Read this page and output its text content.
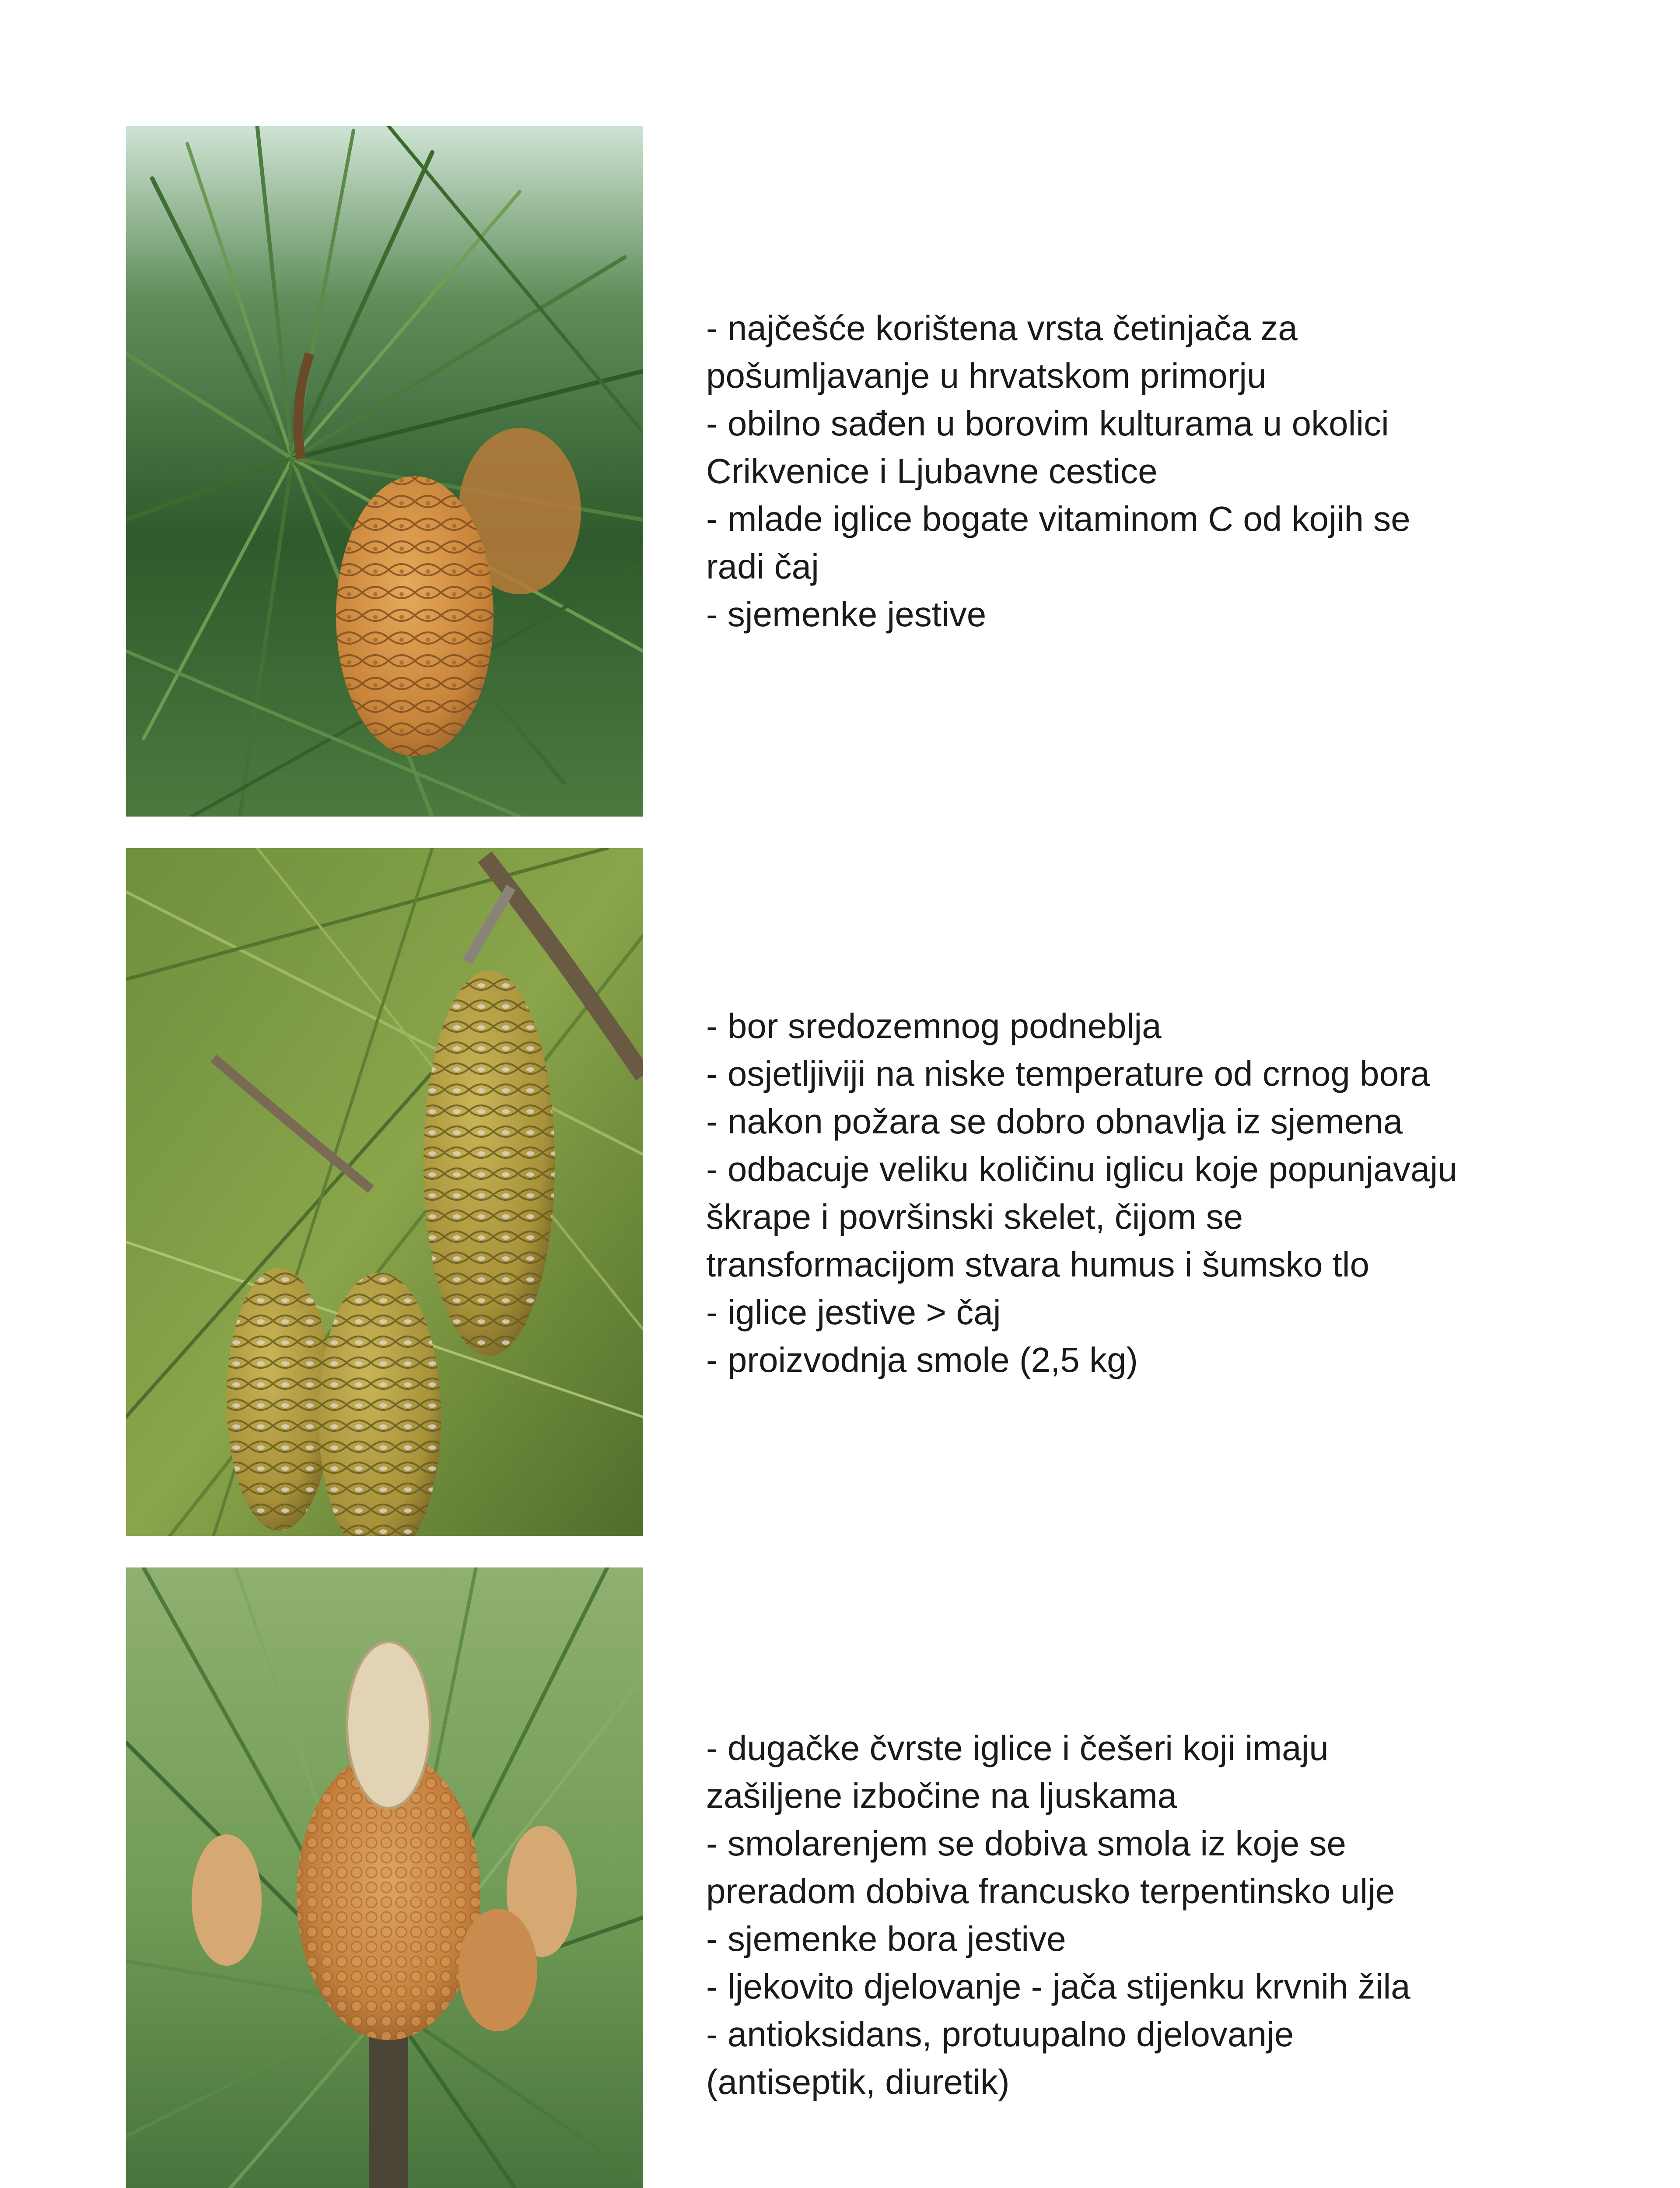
- najčešće korištena vrsta četinjača za
pošumljavanje u hrvatskom primorju
- obilno sađen u borovim kulturama u okolici
Crikvenice i Ljubavne cestice
- mlade iglice bogate vitaminom C od kojih se
radi čaj
- sjemenke jestive
- bor sredozemnog podneblja
- osjetljiviji na niske temperature od crnog bora
- nakon požara se dobro obnavlja iz sjemena
- odbacuje veliku količinu iglicu koje popunjavaju
škrape i površinski skelet, čijom se
transformacijom stvara humus i šumsko tlo
- iglice jestive > čaj
- proizvodnja smole (2,5 kg)
- dugačke čvrste iglice i češeri koji imaju
zašiljene izbočine na ljuskama
- smolarenjem se dobiva smola iz koje se
preradom dobiva francusko terpentinsko ulje
- sjemenke bora jestive
- ljekovito djelovanje - jača stijenku krvnih žila
- antioksidans, protuupalno djelovanje
(antiseptik, diuretik)
